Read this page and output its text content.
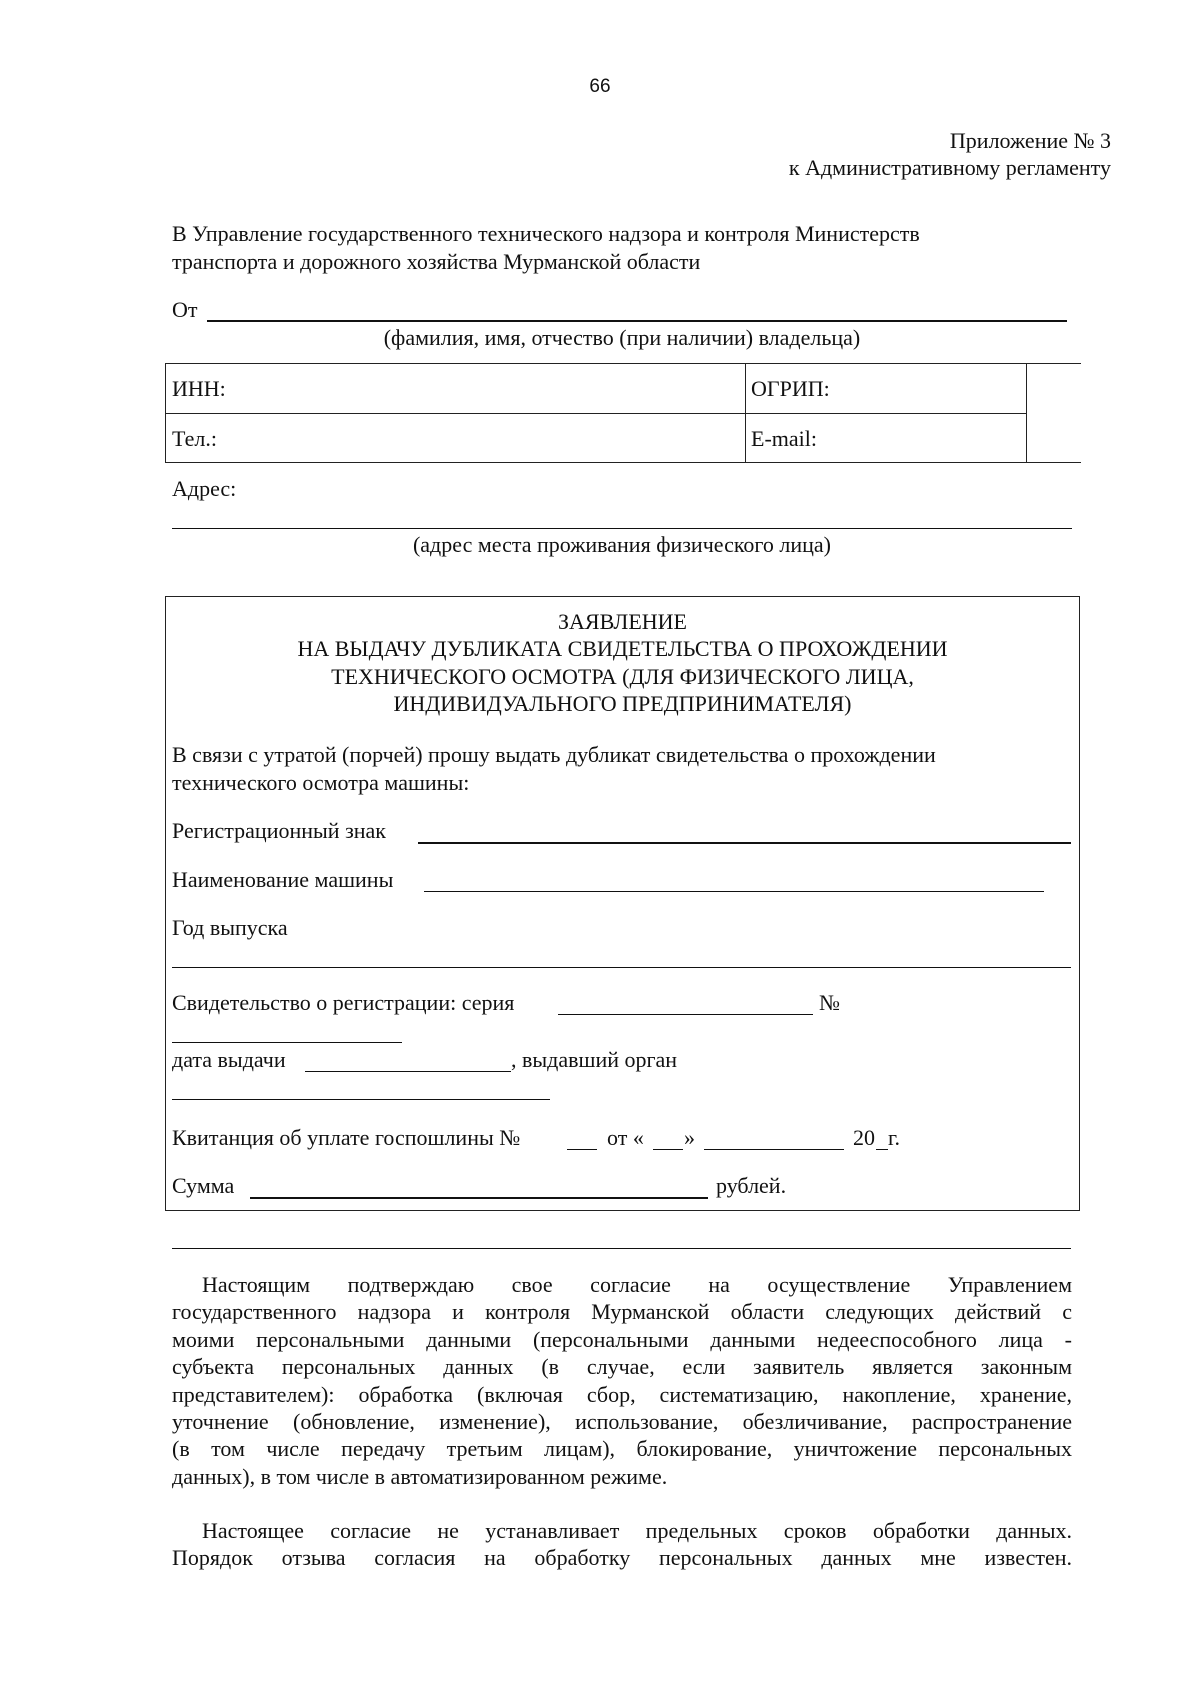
66
Приложение № 3
к Административному регламенту
В Управление государственного технического надзора и контроля Министерств
транспорта и дорожного хозяйства Мурманской области
От
(фамилия, имя, отчество (при наличии) владельца)
ИНН:	ОГРИП:
Тел.:	E-mail:
Адрес:
(адрес места проживания физического лица)
ЗАЯВЛЕНИЕ
НА ВЫДАЧУ ДУБЛИКАТА СВИДЕТЕЛЬСТВА О ПРОХОЖДЕНИИ
ТЕХНИЧЕСКОГО ОСМОТРА (ДЛЯ ФИЗИЧЕСКОГО ЛИЦА,
ИНДИВИДУАЛЬНОГО ПРЕДПРИНИМАТЕЛЯ)
В связи с утратой (порчей) прошу выдать дубликат свидетельства о прохождении
технического осмотра машины:
Регистрационный знак
Наименование машины
Год выпуска
Свидетельство о регистрации: серия	№
дата выдачи	, выдавший орган
Квитанция об уплате госпошлины №	от « »	20 г.
Сумма	рублей.
Настоящим подтверждаю свое согласие на осуществление Управлением
государственного надзора и контроля Мурманской области следующих действий с
моими персональными данными (персональными данными недееспособного лица -
субъекта персональных данных (в случае, если заявитель является законным
представителем): обработка (включая сбор, систематизацию, накопление, хранение,
уточнение (обновление, изменение), использование, обезличивание, распространение
(в том числе передачу третьим лицам), блокирование, уничтожение персональных
данных), в том числе в автоматизированном режиме.
Настоящее согласие не устанавливает предельных сроков обработки данных.
Порядок отзыва согласия на обработку персональных данных мне известен.
